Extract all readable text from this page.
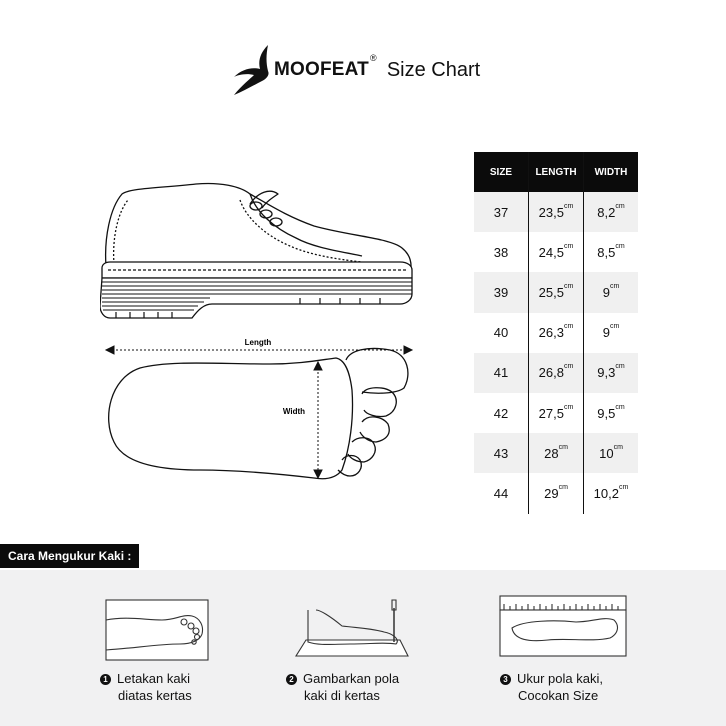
MOOFEAT®
Size Chart
Length
Width
SIZE	LENGTH	WIDTH
37	$23,5^{cm}$	$8,2^{cm}$
38	$24,5^{cm}$	$8,5^{cm}$
39	$25,5^{cm}$	$9^{cm}$
40	$26,3^{cm}$	$9^{cm}$
41	$26,8^{cm}$	$9,3^{cm}$
42	$27,5^{cm}$	$9,5^{cm}$
43	$28^{cm}$	$10^{cm}$
44	$29^{cm}$	$10,2^{cm}$
Cara Mengukur Kaki :
1 Letakan kaki
diatas kertas
2 Gambarkan pola
kaki di kertas
3 Ukur pola kaki,
Cocokan Size
